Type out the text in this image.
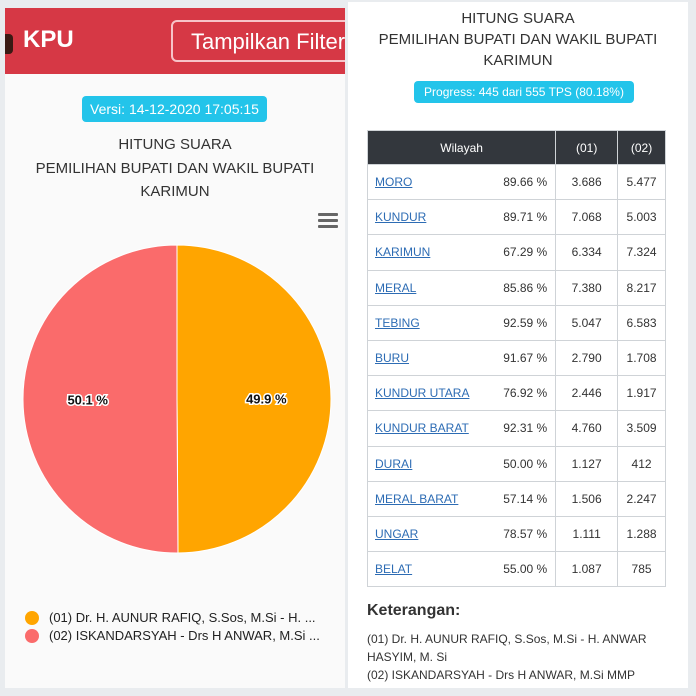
KPU	Tampilkan Filter
Versi: 14-12-2020 17:05:15
HITUNG SUARA
PEMILIHAN BUPATI DAN WAKIL BUPATI
KARIMUN
49.9 %
50.1 %
(01) Dr. H. AUNUR RAFIQ, S.Sos, M.Si - H. ...
(02) ISKANDARSYAH - Drs H ANWAR, M.Si ...
HITUNG SUARA
PEMILIHAN BUPATI DAN WAKIL BUPATI
KARIMUN
Progress: 445 dari 555 TPS (80.18%)
Wilayah	(01)	(02)

MORO 89.66 %	3.686	5.477

KUNDUR 89.71 %	7.068	5.003

KARIMUN 67.29 %	6.334	7.324

MERAL 85.86 %	7.380	8.217

TEBING 92.59 %	5.047	6.583

BURU 91.67 %	2.790	1.708

KUNDUR UTARA 76.92 %	2.446	1.917

KUNDUR BARAT 92.31 %	4.760	3.509

DURAI 50.00 %	1.127	412

MERAL BARAT 57.14 %	1.506	2.247

UNGAR 78.57 %	1.111	1.288

BELAT 55.00 %	1.087	785
Keterangan:
(01) Dr. H. AUNUR RAFIQ, S.Sos, M.Si - H. ANWAR HASYIM, M. Si
(02) ISKANDARSYAH - Drs H ANWAR, M.Si MMP
